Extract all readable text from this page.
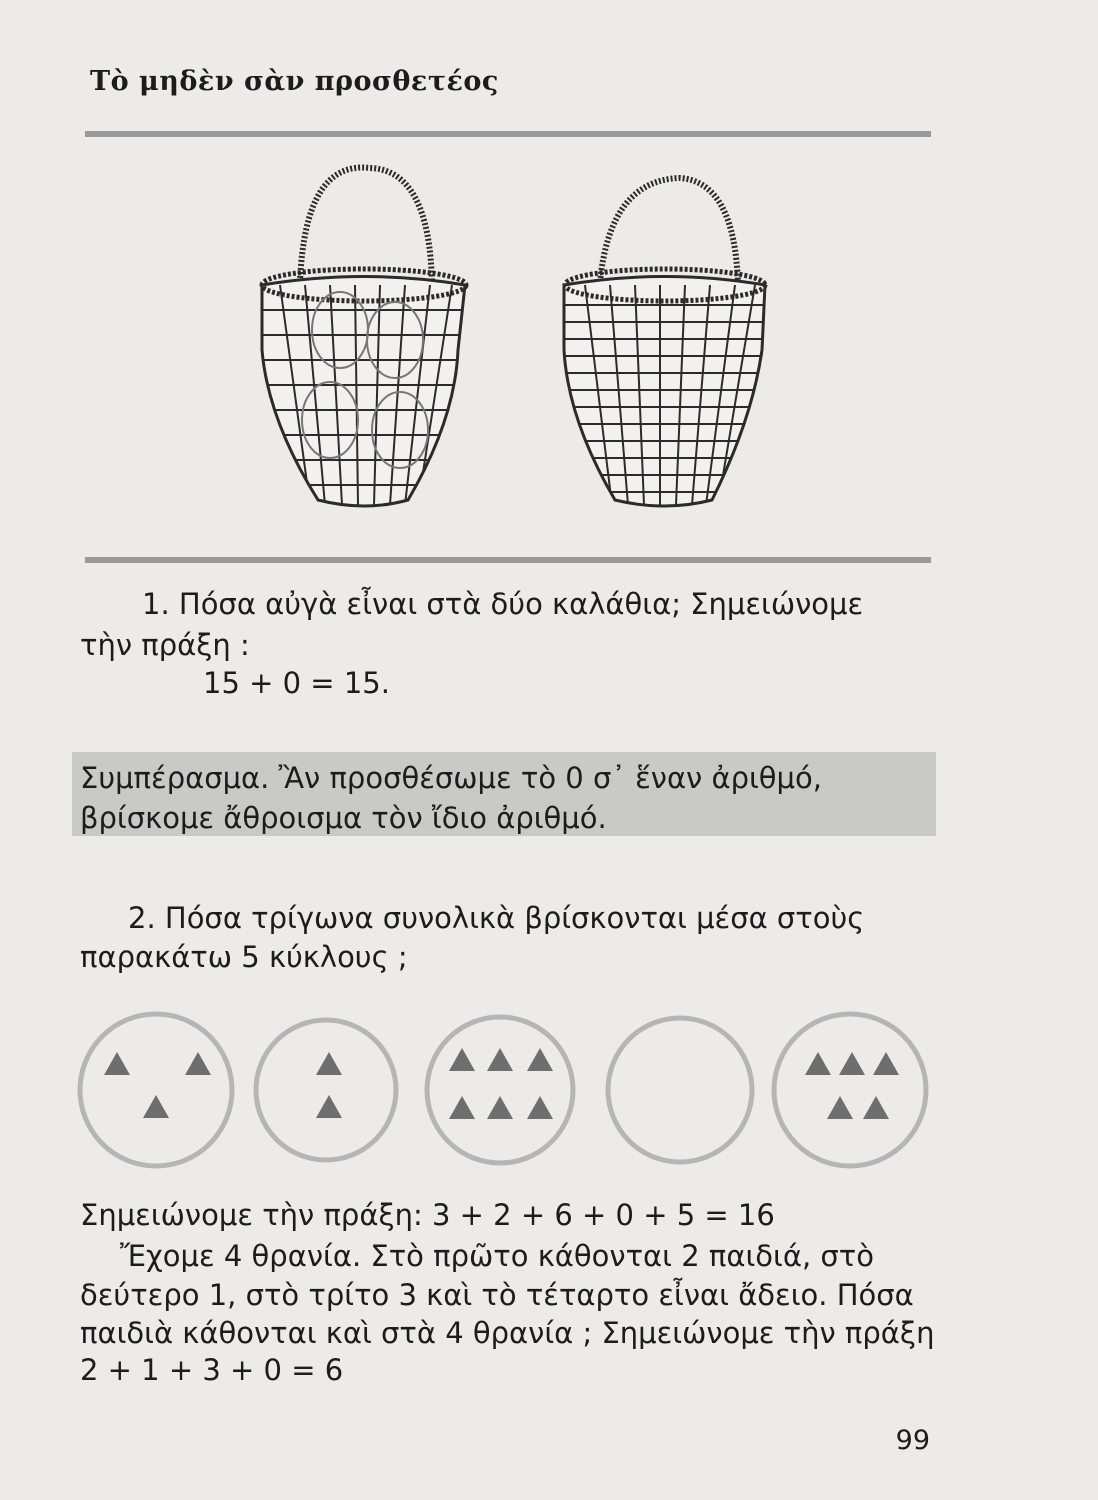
Τὸ μηδὲν σὰν προσθετέος
1. Πόσα αὐγὰ εἶναι στὰ δύο καλάθια; Σημειώνομε
τὴν πράξη :
15 + 0 = 15.
Συμπέρασμα. Ἂν προσθέσωμε τὸ 0 σ᾽ ἕναν ἀριθμό,
βρίσκομε ἄθροισμα τὸν ἴδιο ἀριθμό.
2. Πόσα τρίγωνα συνολικὰ βρίσκονται μέσα στοὺς
παρακάτω 5 κύκλους ;
Σημειώνομε τὴν πράξη: 3 + 2 + 6 + 0 + 5 = 16
Ἔχομε 4 θρανία. Στὸ πρῶτο κάθονται 2 παιδιά, στὸ
δεύτερο 1, στὸ τρίτο 3 καὶ τὸ τέταρτο εἶναι ἄδειο. Πόσα
παιδιὰ κάθονται καὶ στὰ 4 θρανία ; Σημειώνομε τὴν πράξη
2 + 1 + 3 + 0 = 6
99
